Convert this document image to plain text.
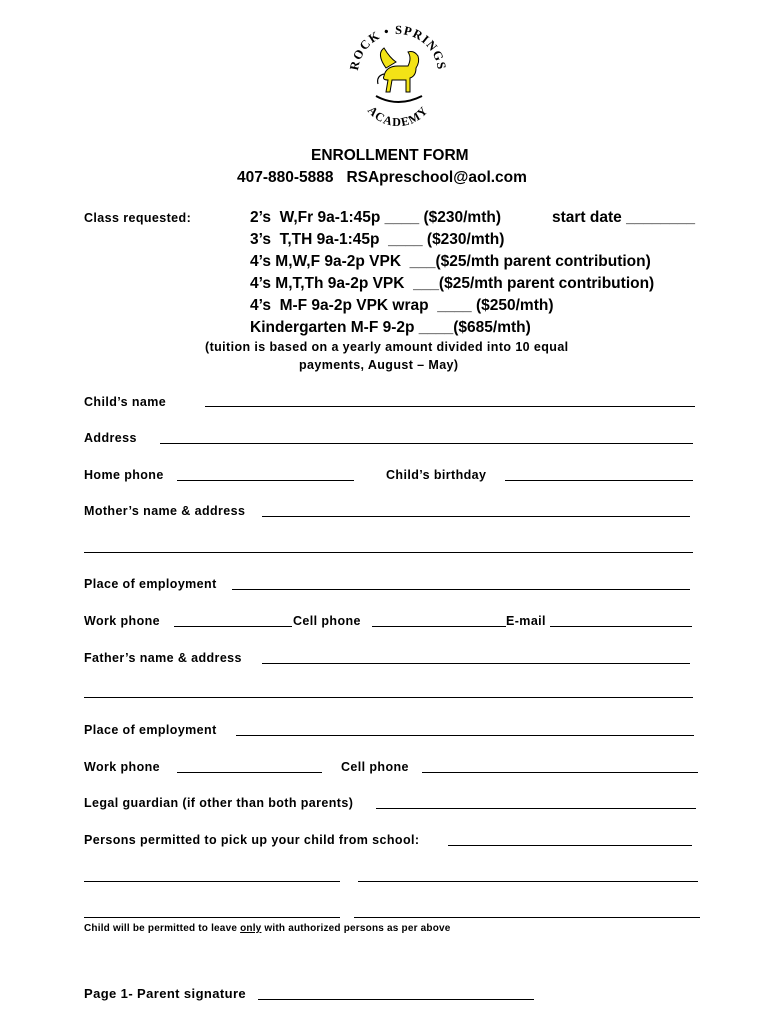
ROCK • SPRINGS
ACADEMY
ENROLLMENT FORM
407-880-5888   RSApreschool@aol.com
Class requested:	2’s  W,Fr 9a-1:45p ____ ($230/mth)	start date ________
3’s  T,TH 9a-1:45p  ____ ($230/mth)
4’s M,W,F 9a-2p VPK  ___($25/mth parent contribution)
4’s M,T,Th 9a-2p VPK  ___($25/mth parent contribution)
4’s  M-F 9a-2p VPK wrap  ____ ($250/mth)
Kindergarten M-F 9-2p ____($685/mth)
(tuition is based on a yearly amount divided into 10 equal
payments, August – May)
Child’s name
Address
Home phone	Child’s birthday
Mother’s name & address
Place of employment
Work phone	Cell phone	E-mail
Father’s name & address
Place of employment
Work phone	Cell phone
Legal guardian (if other than both parents)
Persons permitted to pick up your child from school:
Child will be permitted to leave only with authorized persons as per above
Page 1- Parent signature
